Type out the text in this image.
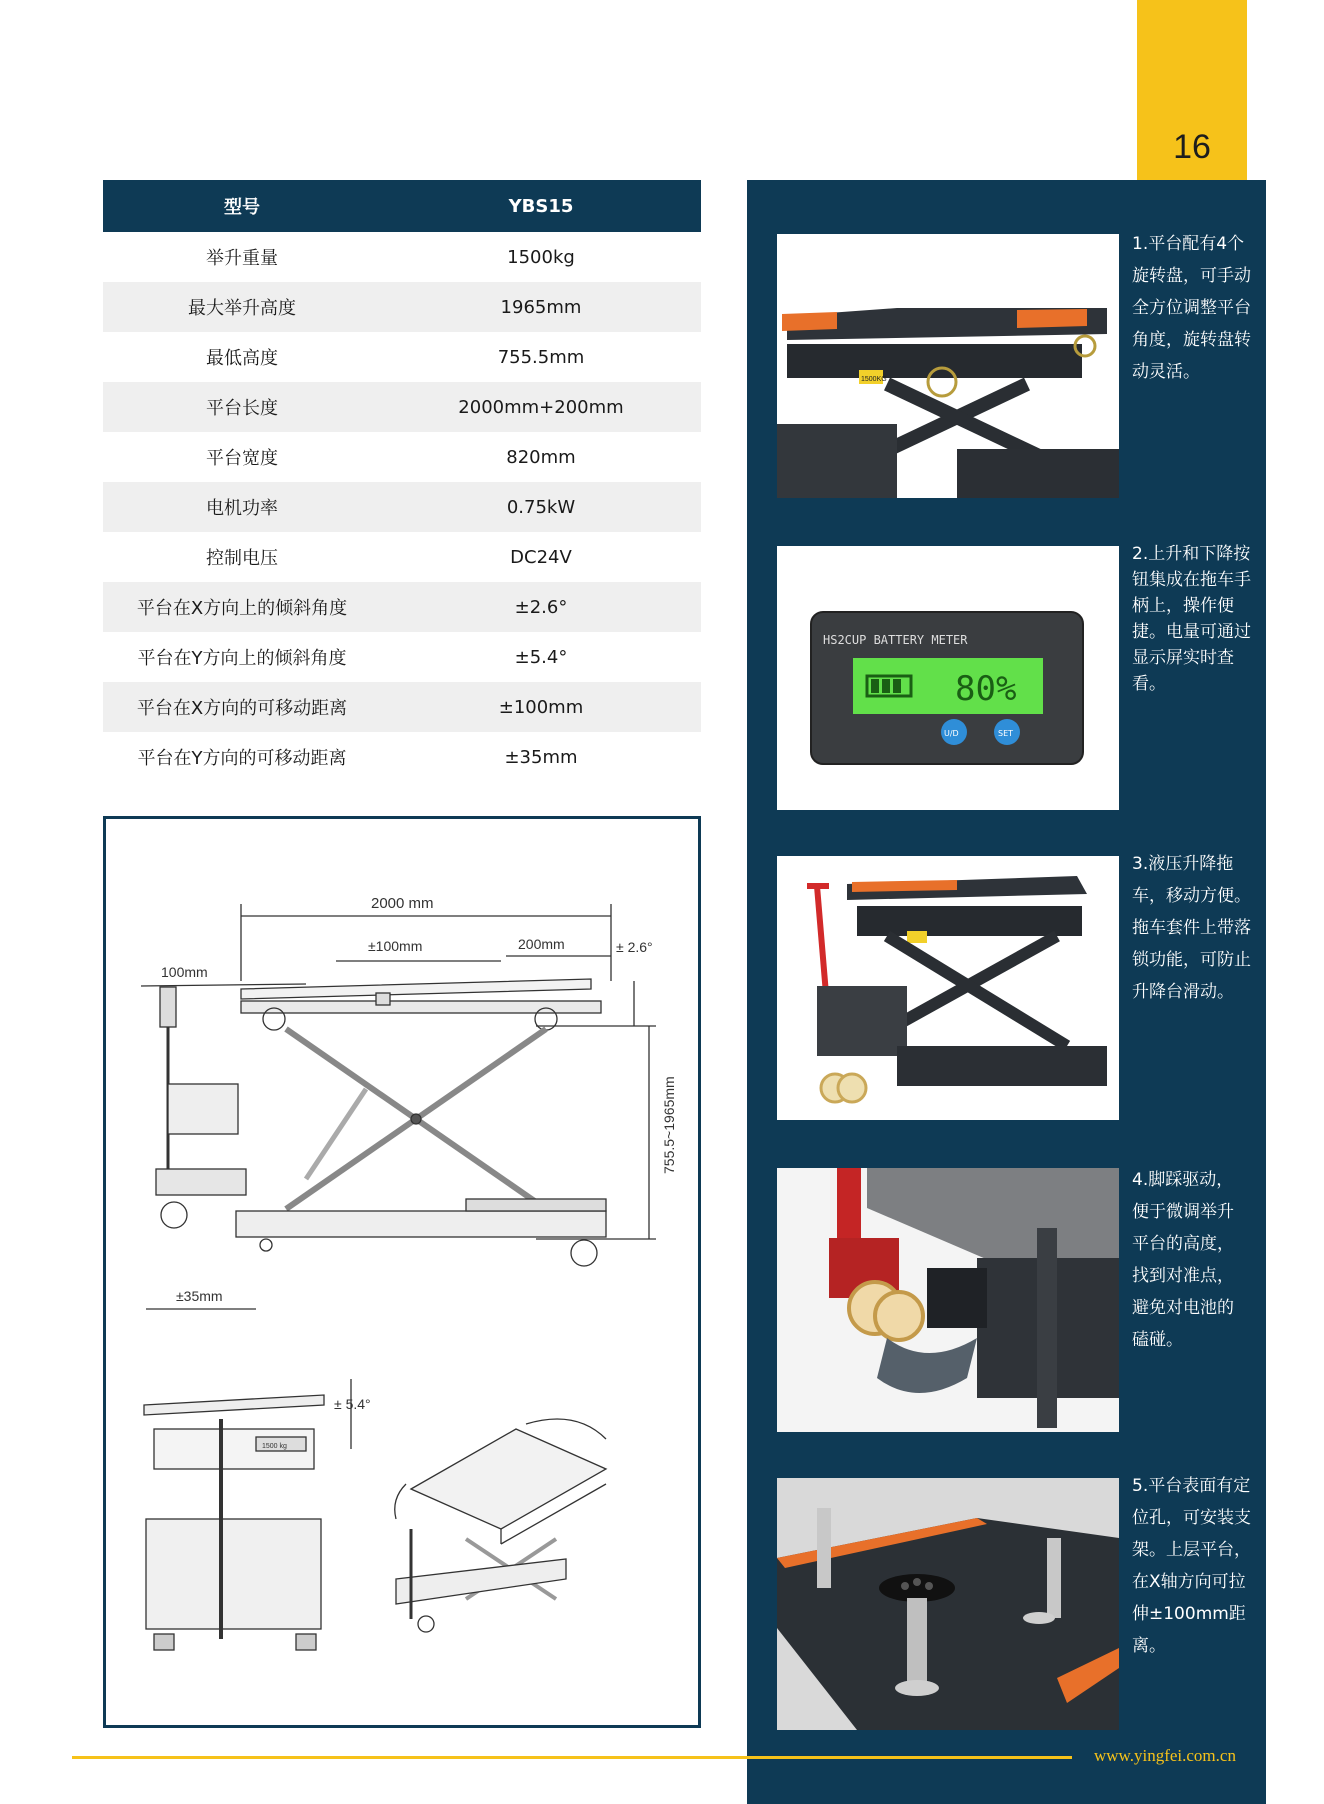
16
型号	YBS15
举升重量	1500kg
最大举升高度	1965mm
最低高度	755.5mm
平台长度	2000mm+200mm
平台宽度	820mm
电机功率	0.75kW
控制电压	DC24V
平台在X方向上的倾斜角度	±2.6°
平台在Y方向上的倾斜角度	±5.4°
平台在X方向的可移动距离	±100mm
平台在Y方向的可移动距离	±35mm
2000 mm
±100mm	200mm	± 2.6°
100mm
755.5~1965mm
±35mm
± 5.4°
1500 kg
1500KG
1.平台配有4个
旋转盘，可手动
全方位调整平台
角度，旋转盘转
动灵活。
HS2CUP BATTERY METER
80%
U/D	SET
2.上升和下降按
钮集成在拖车手
柄上，操作便
捷。电量可通过
显示屏实时查
看。
3.液压升降拖
车，移动方便。
拖车套件上带落
锁功能，可防止
升降台滑动。
4.脚踩驱动，
便于微调举升
平台的高度，
找到对准点，
避免对电池的
磕碰。
5.平台表面有定
位孔，可安装支
架。上层平台，
在X轴方向可拉
伸±100mm距
离。
www.yingfei.com.cn
